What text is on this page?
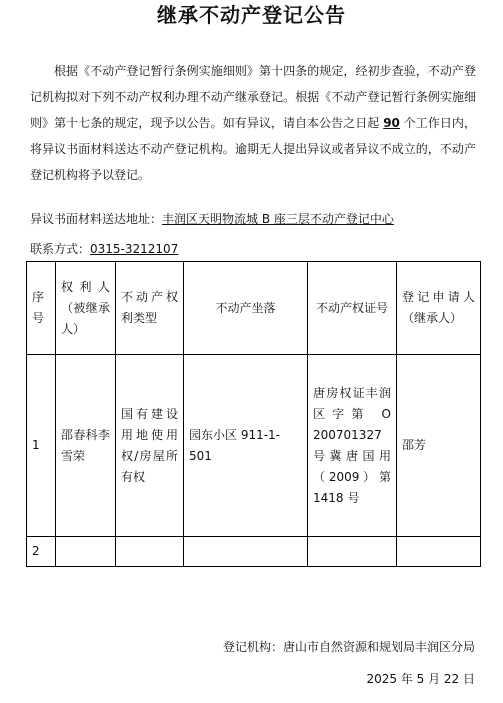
继承不动产登记公告

根据《不动产登记暂行条例实施细则》第十四条的规定，经初步查验，不动产登记机构拟对下列不动产权利办理不动产继承登记。根据《不动产登记暂行条例实施细则》第十七条的规定，现予以公告。如有异议，请自本公告之日起 90 个工作日内，将异议书面材料送达不动产登记机构。逾期无人提出异议或者异议不成立的，不动产登记机构将予以登记。

异议书面材料送达地址：丰润区天明物流城 B 座三层不动产登记中心
联系方式：0315-3212107
序号	权利人（被继承人）	不动产权利类型	不动产坐落	不动产权证号	登记申请人（继承人）
1	邵春科李雪荣	国有建设用地使用权/房屋所有权	园东小区 911-1-501	唐房权证丰润区字第 O 200701327 号冀唐国用（2009）第 1418 号	邵芳
2					
登记机构：唐山市自然资源和规划局丰润区分局
2025 年 5 月 22 日
